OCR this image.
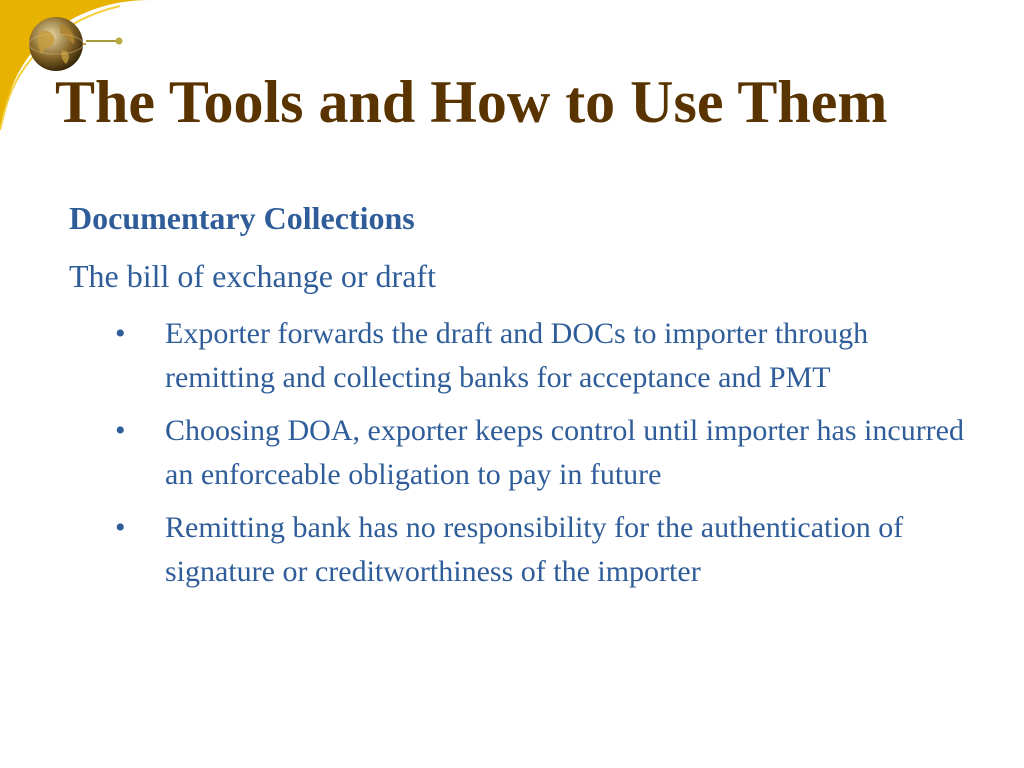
The Tools and How to Use Them

Documentary Collections

The bill of exchange or draft

• Exporter forwards the draft and DOCs to importer through remitting and collecting banks for acceptance and PMT
• Choosing DOA, exporter keeps control until importer has incurred an enforceable obligation to pay in future
• Remitting bank has no responsibility for the authentication of signature or creditworthiness of the importer
